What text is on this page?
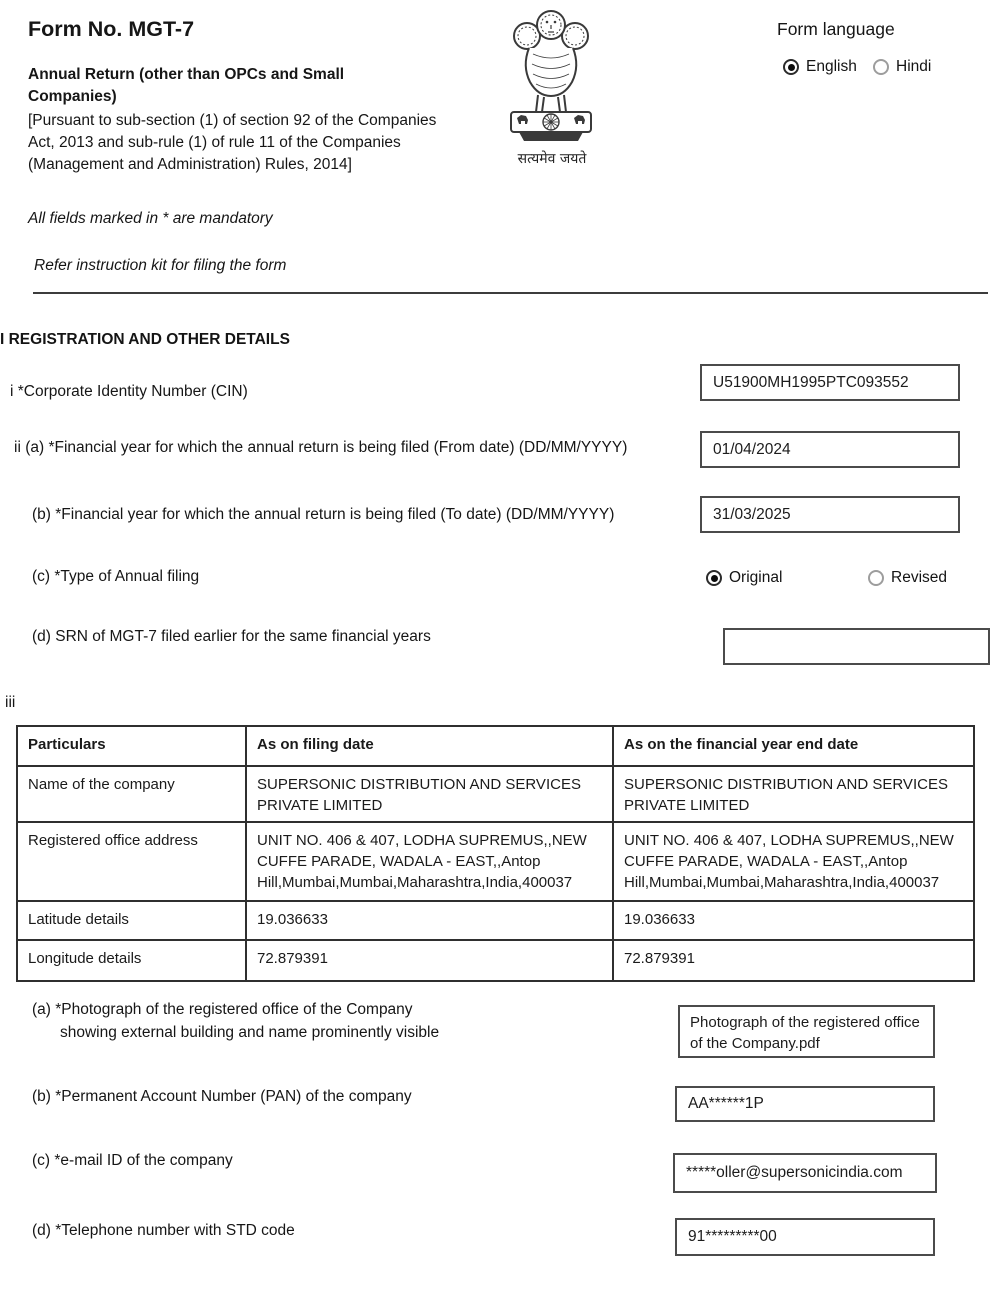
Form No. MGT-7
Annual Return (other than OPCs and Small Companies)
[Pursuant to sub-section (1) of section 92 of the Companies Act, 2013 and sub-rule (1) of rule 11 of the Companies (Management and Administration) Rules, 2014]
All fields marked in * are mandatory
Refer instruction kit for filing the form
सत्यमेव जयते
Form language
English	Hindi
I REGISTRATION AND OTHER DETAILS
i *Corporate Identity Number (CIN)
U51900MH1995PTC093552
ii (a) *Financial year for which the annual return is being filed (From date) (DD/MM/YYYY)	01/04/2024
(b) *Financial year for which the annual return is being filed (To date) (DD/MM/YYYY)	31/03/2025
(c) *Type of Annual filing	Original	Revised
(d) SRN of MGT-7 filed earlier for the same financial years
iii
Particulars	As on filing date	As on the financial year end date
Name of the company	SUPERSONIC DISTRIBUTION AND SERVICES PRIVATE LIMITED	SUPERSONIC DISTRIBUTION AND SERVICES PRIVATE LIMITED
Registered office address	UNIT NO. 406 & 407, LODHA SUPREMUS,,NEW CUFFE PARADE, WADALA - EAST,,Antop Hill,Mumbai,Mumbai,Maharashtra,India,400037	UNIT NO. 406 & 407, LODHA SUPREMUS,,NEW CUFFE PARADE, WADALA - EAST,,Antop Hill,Mumbai,Mumbai,Maharashtra,India,400037
Latitude details	19.036633	19.036633
Longitude details	72.879391	72.879391
(a) *Photograph of the registered office of the Company
showing external building and name prominently visible
Photograph of the registered office of the Company.pdf
(b) *Permanent Account Number (PAN) of the company	AA******1P
(c) *e-mail ID of the company
*****oller@supersonicindia.com
(d) *Telephone number with STD code	91*********00
